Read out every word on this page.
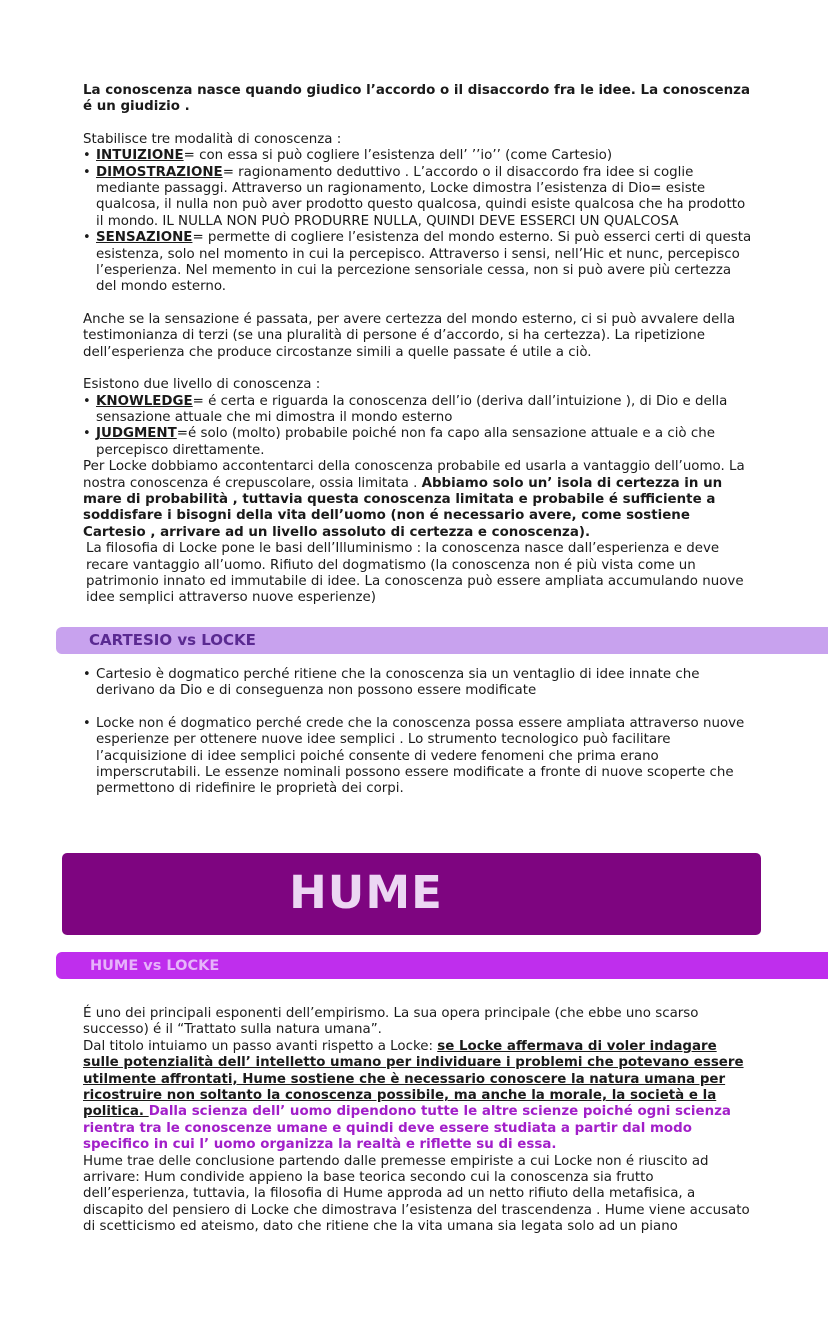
La conoscenza nasce quando giudico l’accordo o il disaccordo fra le idee. La conoscenza é un giudizio .

Stabilisce tre modalità di conoscenza :

• INTUIZIONE= con essa si può cogliere l’esistenza dell’ ’’io’’ (come Cartesio)
• DIMOSTRAZIONE= ragionamento deduttivo . L’accordo o il disaccordo fra idee si coglie mediante passaggi. Attraverso un ragionamento, Locke dimostra l’esistenza di Dio= esiste qualcosa, il nulla non può aver prodotto questo qualcosa, quindi esiste qualcosa che ha prodotto il mondo. IL NULLA NON PUÒ PRODURRE NULLA, QUINDI DEVE ESSERCI UN QUALCOSA
• SENSAZIONE= permette di cogliere l’esistenza del mondo esterno. Si può esserci certi di questa esistenza, solo nel momento in cui la percepisco. Attraverso i sensi, nell’Hic et nunc, percepisco l’esperienza. Nel memento in cui la percezione sensoriale cessa, non si può avere più certezza del mondo esterno.

Anche se la sensazione é passata, per avere certezza del mondo esterno, ci si può avvalere della testimonianza di terzi (se una pluralità di persone é d’accordo, si ha certezza). La ripetizione dell’esperienza che produce circostanze simili a quelle passate é utile a ciò.

Esistono due livello di conoscenza :

• KNOWLEDGE= é certa e riguarda la conoscenza dell’io (deriva dall’intuizione ), di Dio e della sensazione attuale che mi dimostra il mondo esterno
• JUDGMENT=é solo (molto) probabile poiché non fa capo alla sensazione attuale e a ciò che percepisco direttamente.

Per Locke dobbiamo accontentarci della conoscenza probabile ed usarla a vantaggio dell’uomo. La nostra conoscenza é crepuscolare, ossia limitata . Abbiamo solo un’ isola di certezza in un mare di probabilità , tuttavia questa conoscenza limitata e probabile é sufficiente a soddisfare i bisogni della vita dell’uomo (non é necessario avere, come sostiene Cartesio , arrivare ad un livello assoluto di certezza e conoscenza).

La filosofia di Locke pone le basi dell’Illuminismo : la conoscenza nasce dall’esperienza e deve recare vantaggio all’uomo. Rifiuto del dogmatismo (la conoscenza non é più vista come un patrimonio innato ed immutabile di idee. La conoscenza può essere ampliata accumulando nuove idee semplici attraverso nuove esperienze)

CARTESIO vs LOCKE
• Cartesio è dogmatico perché ritiene che la conoscenza sia un ventaglio di idee innate che derivano da Dio e di conseguenza non possono essere modificate
• Locke non é dogmatico perché crede che la conoscenza possa essere ampliata attraverso nuove esperienze per ottenere nuove idee semplici . Lo strumento tecnologico può facilitare l’acquisizione di idee semplici poiché consente di vedere fenomeni che prima erano imperscrutabili. Le essenze nominali possono essere modificate a fronte di nuove scoperte che permettono di ridefinire le proprietà dei corpi.
HUME
HUME vs LOCKE

É uno dei principali esponenti dell’empirismo. La sua opera principale (che ebbe uno scarso successo) é il “Trattato sulla natura umana”.

Dal titolo intuiamo un passo avanti rispetto a Locke: se Locke affermava di voler indagare sulle potenzialità dell’ intelletto umano per individuare i problemi che potevano essere utilmente affrontati, Hume sostiene che è necessario conoscere la natura umana per ricostruire non soltanto la conoscenza possibile, ma anche la morale, la società e la politica. Dalla scienza dell’ uomo dipendono tutte le altre scienze poiché ogni scienza rientra tra le conoscenze umane e quindi deve essere studiata a partir dal modo specifico in cui l’ uomo organizza la realtà e riflette su di essa.

Hume trae delle conclusione partendo dalle premesse empiriste a cui Locke non é riuscito ad arrivare: Hum condivide appieno la base teorica secondo cui la conoscenza sia frutto dell’esperienza, tuttavia, la filosofia di Hume approda ad un netto rifiuto della metafisica, a discapito del pensiero di Locke che dimostrava l’esistenza del trascendenza . Hume viene accusato di scetticismo ed ateismo, dato che ritiene che la vita umana sia legata solo ad un piano
